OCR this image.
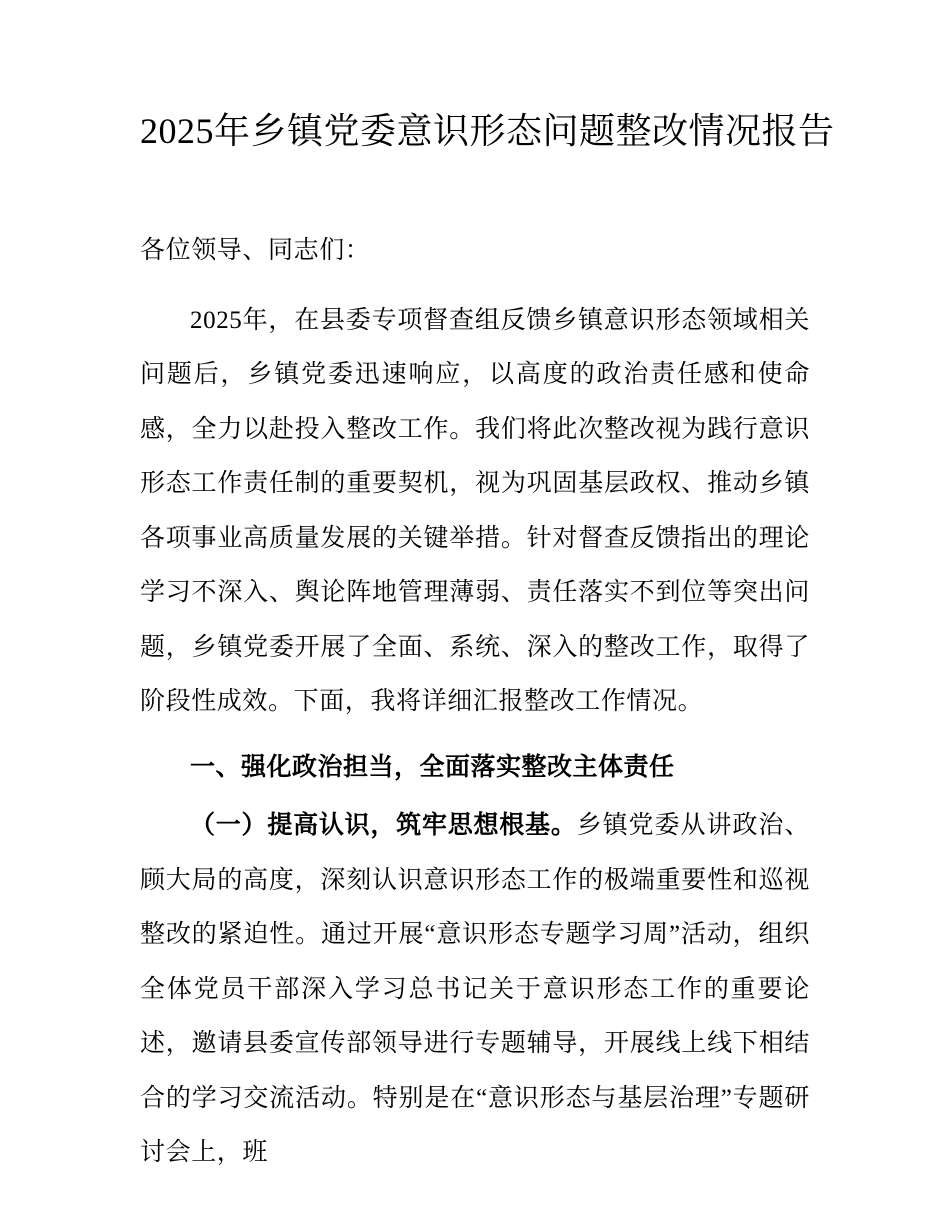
2025年乡镇党委意识形态问题整改情况报告

各位领导、同志们：

2025年，在县委专项督查组反馈乡镇意识形态领域相关问题后，乡镇党委迅速响应，以高度的政治责任感和使命感，全力以赴投入整改工作。我们将此次整改视为践行意识形态工作责任制的重要契机，视为巩固基层政权、推动乡镇各项事业高质量发展的关键举措。针对督查反馈指出的理论学习不深入、舆论阵地管理薄弱、责任落实不到位等突出问题，乡镇党委开展了全面、系统、深入的整改工作，取得了阶段性成效。下面，我将详细汇报整改工作情况。

一、强化政治担当，全面落实整改主体责任

（一）提高认识，筑牢思想根基。乡镇党委从讲政治、顾大局的高度，深刻认识意识形态工作的极端重要性和巡视整改的紧迫性。通过开展“意识形态专题学习周”活动，组织全体党员干部深入学习总书记关于意识形态工作的重要论述，邀请县委宣传部领导进行专题辅导，开展线上线下相结合的学习交流活动。特别是在“意识形态与基层治理”专题研讨会上，班
